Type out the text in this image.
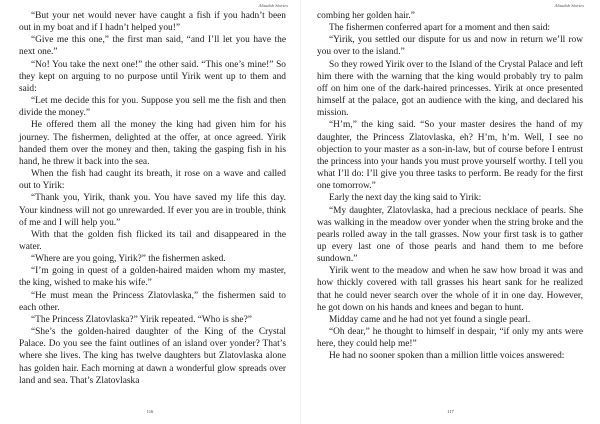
Alaudab Stories

“But your net would never have caught a fish if you hadn’t been out in my boat and if I hadn’t helped you!”

“Give me this one,” the first man said, “and I’ll let you have the next one.”

“No! You take the next one!” the other said. “This one’s mine!” So they kept on arguing to no purpose until Yirik went up to them and said:

“Let me decide this for you. Suppose you sell me the fish and then divide the money.”

He offered them all the money the king had given him for his journey. The fishermen, delighted at the offer, at once agreed. Yirik handed them over the money and then, taking the gasping fish in his hand, he threw it back into the sea.

When the fish had caught its breath, it rose on a wave and called out to Yirik:

“Thank you, Yirik, thank you. You have saved my life this day. Your kindness will not go unrewarded. If ever you are in trouble, think of me and I will help you.”

With that the golden fish flicked its tail and disappeared in the water.

“Where are you going, Yirik?” the fishermen asked.

“I’m going in quest of a golden-haired maiden whom my master, the king, wished to make his wife.”

“He must mean the Princess Zlatovlaska,” the fishermen said to each other.

“The Princess Zlatovlaska?” Yirik repeated. “Who is she?”

“She’s the golden-haired daughter of the King of the Crystal Palace. Do you see the faint outlines of an island over yonder? That’s where she lives. The king has twelve daughters but Zlatovlaska alone has golden hair. Each morning at dawn a wonderful glow spreads over land and sea. That’s Zlatovlaska

116
Alaudab Stories

combing her golden hair.”

The fishermen conferred apart for a moment and then said:

“Yirik, you settled our dispute for us and now in return we’ll row you over to the island.”

So they rowed Yirik over to the Island of the Crystal Palace and left him there with the warning that the king would probably try to palm off on him one of the dark-haired princesses. Yirik at once presented himself at the palace, got an audience with the king, and declared his mission.

“H’m,” the king said. “So your master desires the hand of my daughter, the Princess Zlatovlaska, eh? H’m, h’m. Well, I see no objection to your master as a son-in-law, but of course before I entrust the princess into your hands you must prove yourself worthy. I tell you what I’ll do: I’ll give you three tasks to perform. Be ready for the first one tomorrow.”

Early the next day the king said to Yirik:

“My daughter, Zlatovlaska, had a precious necklace of pearls. She was walking in the meadow over yonder when the string broke and the pearls rolled away in the tall grasses. Now your first task is to gather up every last one of those pearls and hand them to me before sundown.”

Yirik went to the meadow and when he saw how broad it was and how thickly covered with tall grasses his heart sank for he realized that he could never search over the whole of it in one day. However, he got down on his hands and knees and began to hunt.

Midday came and he had not yet found a single pearl.

“Oh dear,” he thought to himself in despair, “if only my ants were here, they could help me!”

He had no sooner spoken than a million little voices answered:

117
